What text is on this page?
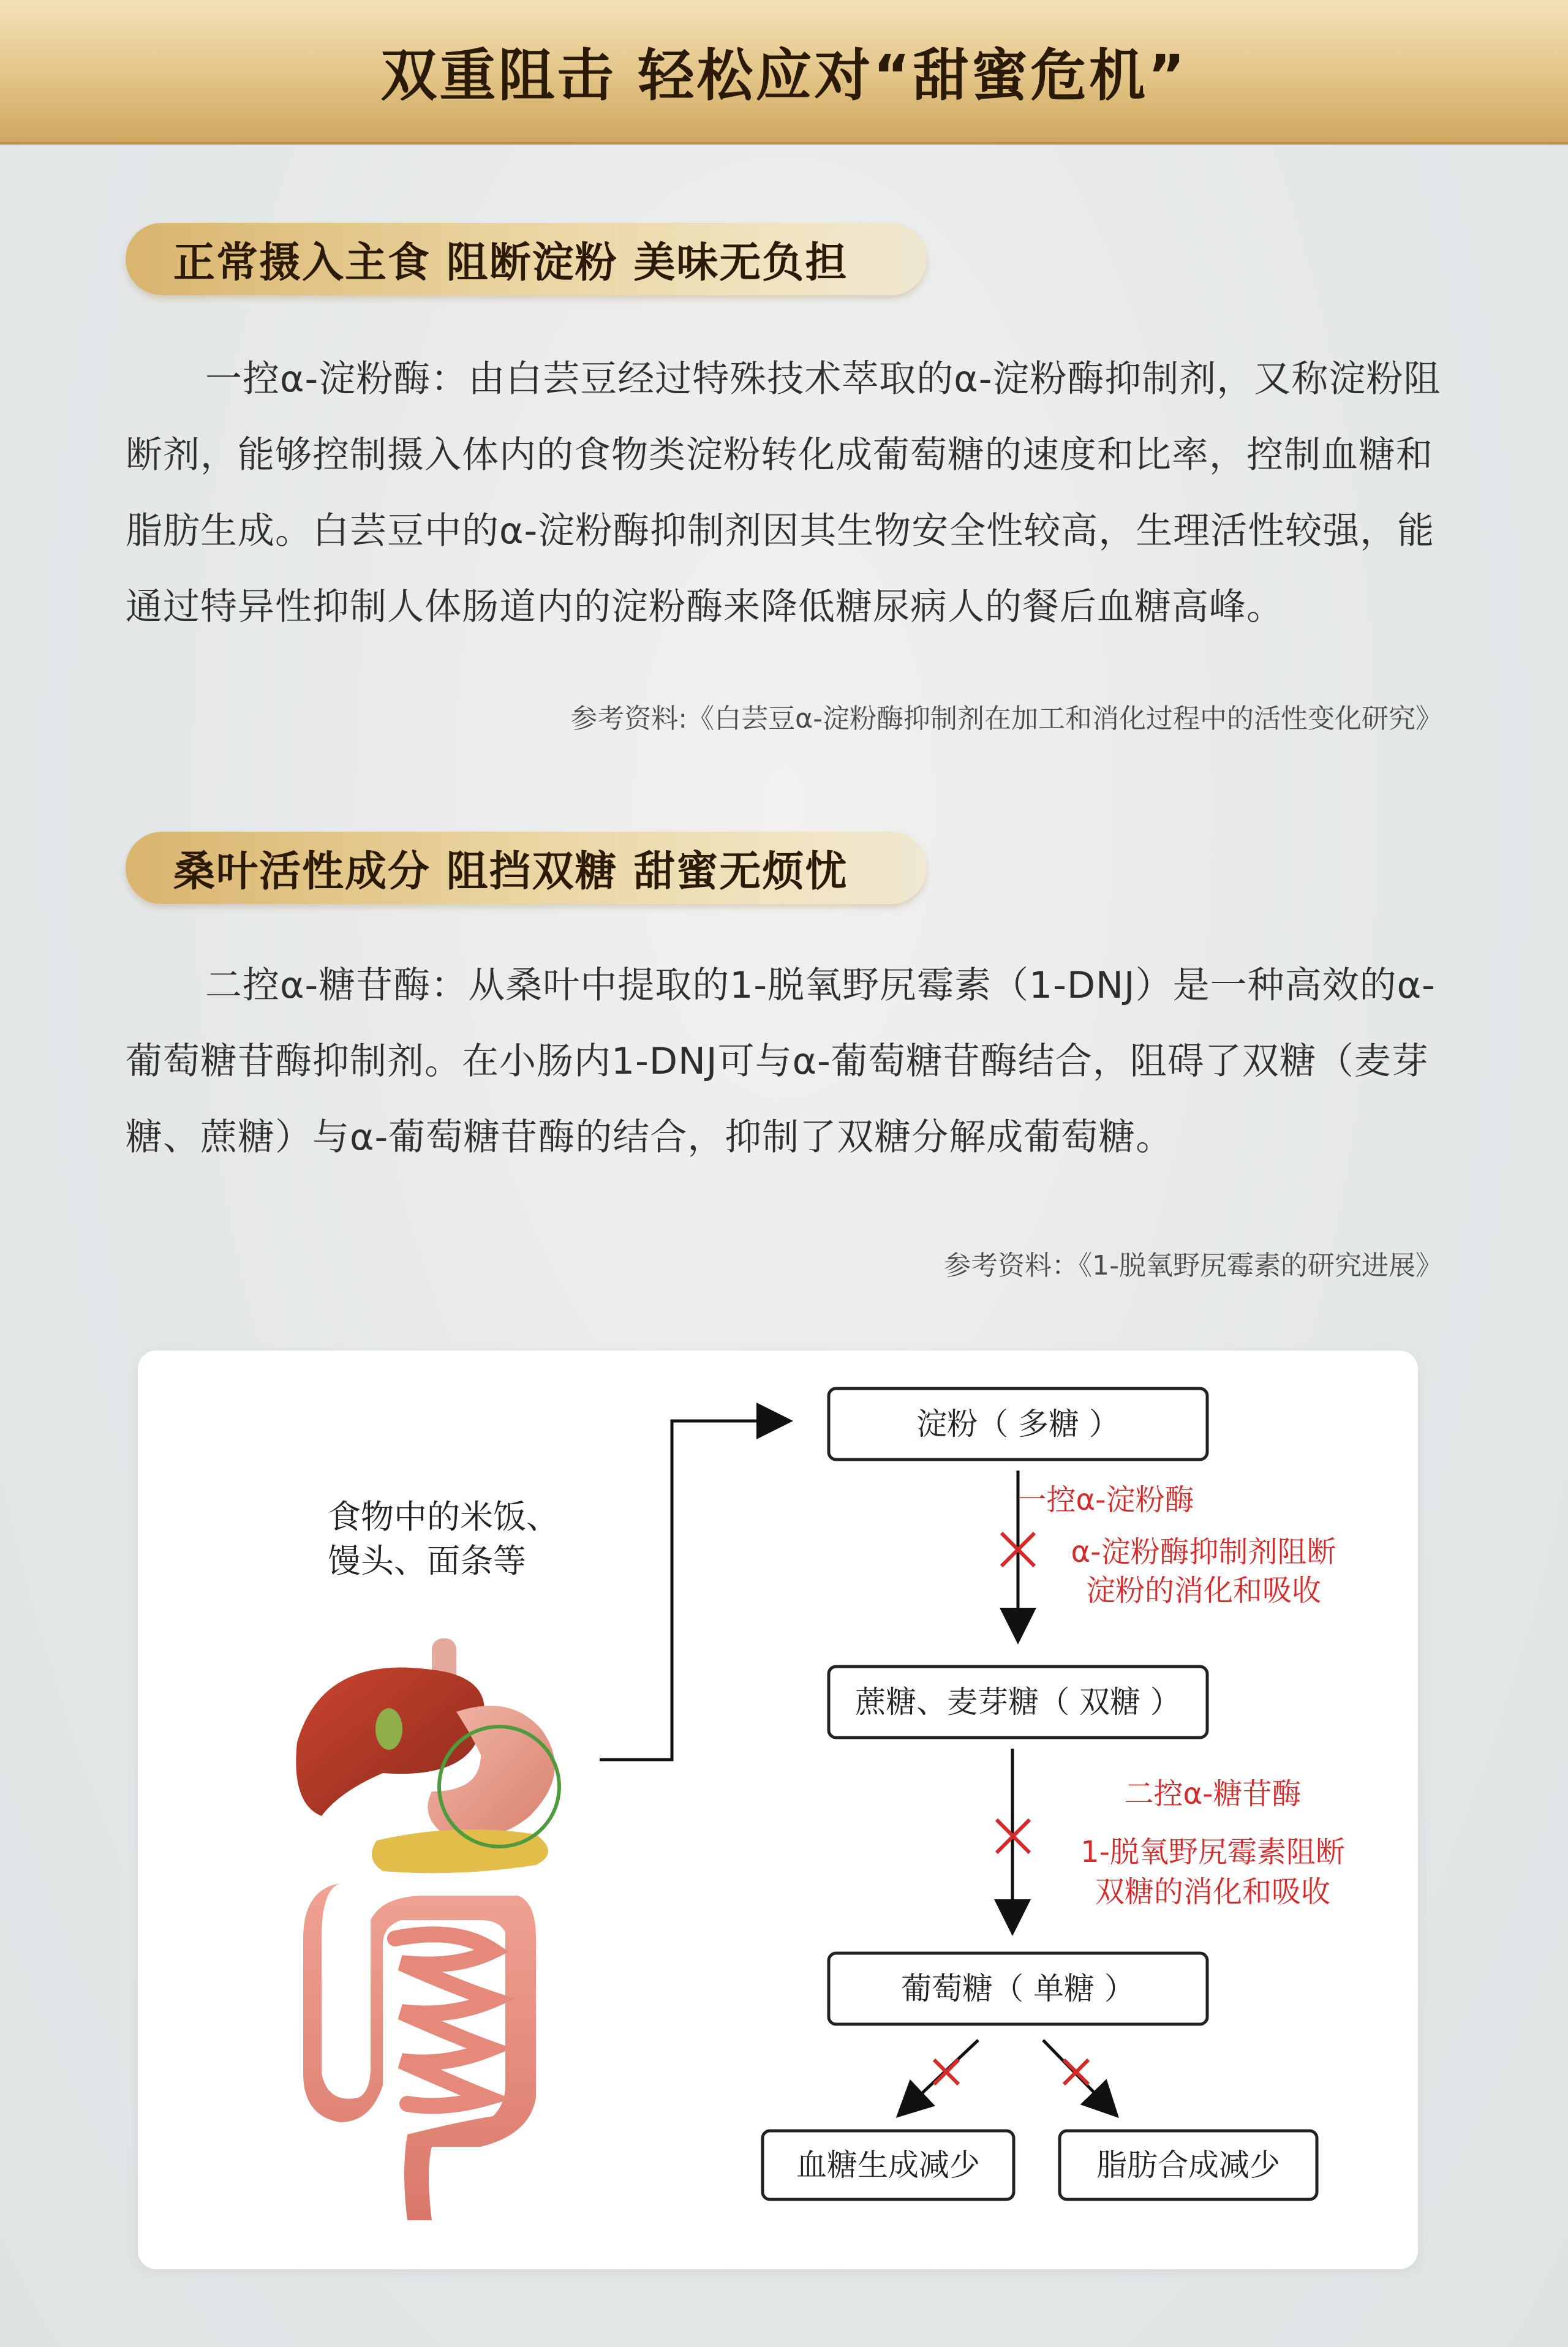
双重阻击 轻松应对“甜蜜危机”
正常摄入主食 阻断淀粉 美味无负担

一控α-淀粉酶：由白芸豆经过特殊技术萃取的α-淀粉酶抑制剂，又称淀粉阻断剂，能够控制摄入体内的食物类淀粉转化成葡萄糖的速度和比率，控制血糖和脂肪生成。白芸豆中的α-淀粉酶抑制剂因其生物安全性较高，生理活性较强，能通过特异性抑制人体肠道内的淀粉酶来降低糖尿病人的餐后血糖高峰。

参考资料:《白芸豆α-淀粉酶抑制剂在加工和消化过程中的活性变化研究》
桑叶活性成分 阻挡双糖 甜蜜无烦忧

二控α-糖苷酶：从桑叶中提取的1-脱氧野尻霉素（1-DNJ）是一种高效的α-葡萄糖苷酶抑制剂。在小肠内1-DNJ可与α-葡萄糖苷酶结合，阻碍了双糖（麦芽糖、蔗糖）与α-葡萄糖苷酶的结合，抑制了双糖分解成葡萄糖。

参考资料：《1-脱氧野尻霉素的研究进展》
食物中的米饭、
馒头、面条等
淀粉（ 多糖 ）
一控α-淀粉酶
α-淀粉酶抑制剂阻断
淀粉的消化和吸收
蔗糖、麦芽糖（ 双糖 ）
二控α-糖苷酶
1-脱氧野尻霉素阻断
双糖的消化和吸收
葡萄糖（ 单糖 ）
血糖生成减少	脂肪合成减少
